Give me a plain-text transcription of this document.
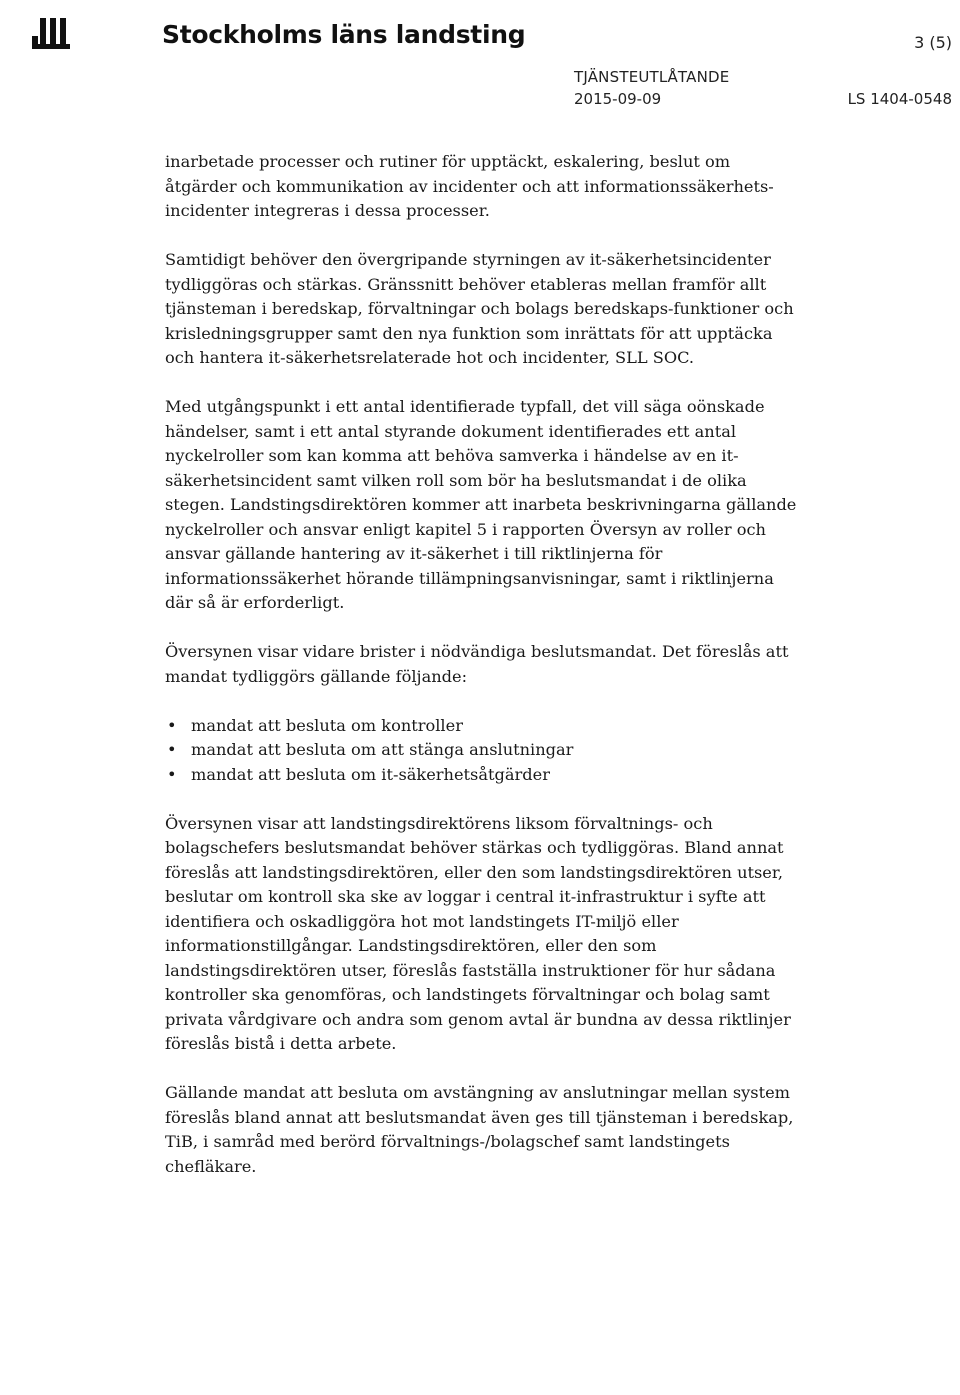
Stockholms läns landsting	3 (5)
TJÄNSTEUTLÅTANDE
2015-09-09	LS 1404-0548

inarbetade processer och rutiner för upptäckt, eskalering, beslut om åtgärder och kommunikation av incidenter och att informationssäkerhets-incidenter integreras i dessa processer.

Samtidigt behöver den övergripande styrningen av it-säkerhetsincidenter tydliggöras och stärkas. Gränssnitt behöver etableras mellan framför allt tjänsteman i beredskap, förvaltningar och bolags beredskaps-funktioner och krisledningsgrupper samt den nya funktion som inrättats för att upptäcka och hantera it-säkerhetsrelaterade hot och incidenter, SLL SOC.

Med utgångspunkt i ett antal identifierade typfall, det vill säga oönskade händelser, samt i ett antal styrande dokument identifierades ett antal nyckelroller som kan komma att behöva samverka i händelse av en it-säkerhetsincident samt vilken roll som bör ha beslutsmandat i de olika stegen. Landstingsdirektören kommer att inarbeta beskrivningarna gällande nyckelroller och ansvar enligt kapitel 5 i rapporten Översyn av roller och ansvar gällande hantering av it-säkerhet i till riktlinjerna för informationssäkerhet hörande tillämpningsanvisningar, samt i riktlinjerna där så är erforderligt.

Översynen visar vidare brister i nödvändiga beslutsmandat. Det föreslås att mandat tydliggörs gällande följande:

• mandat att besluta om kontroller
• mandat att besluta om att stänga anslutningar
• mandat att besluta om it-säkerhetsåtgärder

Översynen visar att landstingsdirektörens liksom förvaltnings- och bolagschefers beslutsmandat behöver stärkas och tydliggöras. Bland annat föreslås att landstingsdirektören, eller den som landstingsdirektören utser, beslutar om kontroll ska ske av loggar i central it-infrastruktur i syfte att identifiera och oskadliggöra hot mot landstingets IT-miljö eller informationstillgångar. Landstingsdirektören, eller den som landstingsdirektören utser, föreslås fastställa instruktioner för hur sådana kontroller ska genomföras, och landstingets förvaltningar och bolag samt privata vårdgivare och andra som genom avtal är bundna av dessa riktlinjer föreslås bistå i detta arbete.

Gällande mandat att besluta om avstängning av anslutningar mellan system föreslås bland annat att beslutsmandat även ges till tjänsteman i beredskap, TiB, i samråd med berörd förvaltnings-/bolagschef samt landstingets chefläkare.
